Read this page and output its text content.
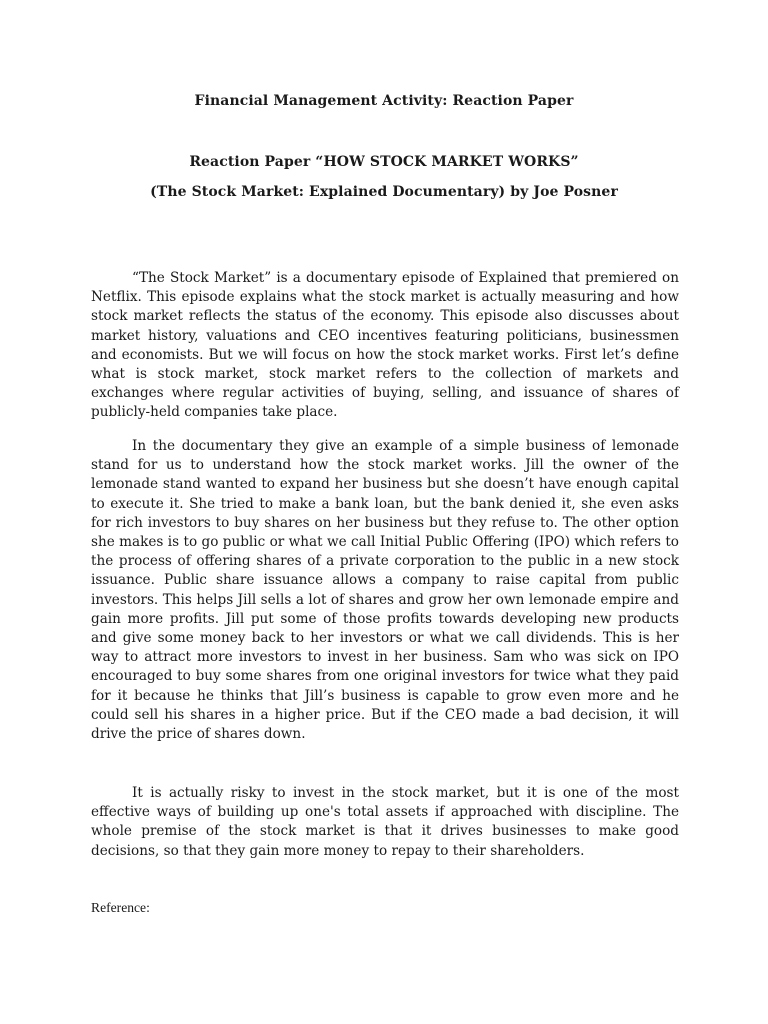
Financial Management Activity: Reaction Paper
Reaction Paper “HOW STOCK MARKET WORKS”
(The Stock Market: Explained Documentary) by Joe Posner

“The Stock Market” is a documentary episode of Explained that premiered on Netflix. This episode explains what the stock market is actually measuring and how stock market reflects the status of the economy. This episode also discusses about market history, valuations and CEO incentives featuring politicians, businessmen and economists. But we will focus on how the stock market works. First let’s define what is stock market, stock market refers to the collection of markets and exchanges where regular activities of buying, selling, and issuance of shares of publicly-held companies take place.

In the documentary they give an example of a simple business of lemonade stand for us to understand how the stock market works. Jill the owner of the lemonade stand wanted to expand her business but she doesn’t have enough capital to execute it. She tried to make a bank loan, but the bank denied it, she even asks for rich investors to buy shares on her business but they refuse to. The other option she makes is to go public or what we call Initial Public Offering (IPO) which refers to the process of offering shares of a private corporation to the public in a new stock issuance. Public share issuance allows a company to raise capital from public investors. This helps Jill sells a lot of shares and grow her own lemonade empire and gain more profits. Jill put some of those profits towards developing new products and give some money back to her investors or what we call dividends. This is her way to attract more investors to invest in her business. Sam who was sick on IPO encouraged to buy some shares from one original investors for twice what they paid for it because he thinks that Jill’s business is capable to grow even more and he could sell his shares in a higher price. But if the CEO made a bad decision, it will drive the price of shares down.

It is actually risky to invest in the stock market, but it is one of the most effective ways of building up one's total assets if approached with discipline. The whole premise of the stock market is that it drives businesses to make good decisions, so that they gain more money to repay to their shareholders.

Reference:
